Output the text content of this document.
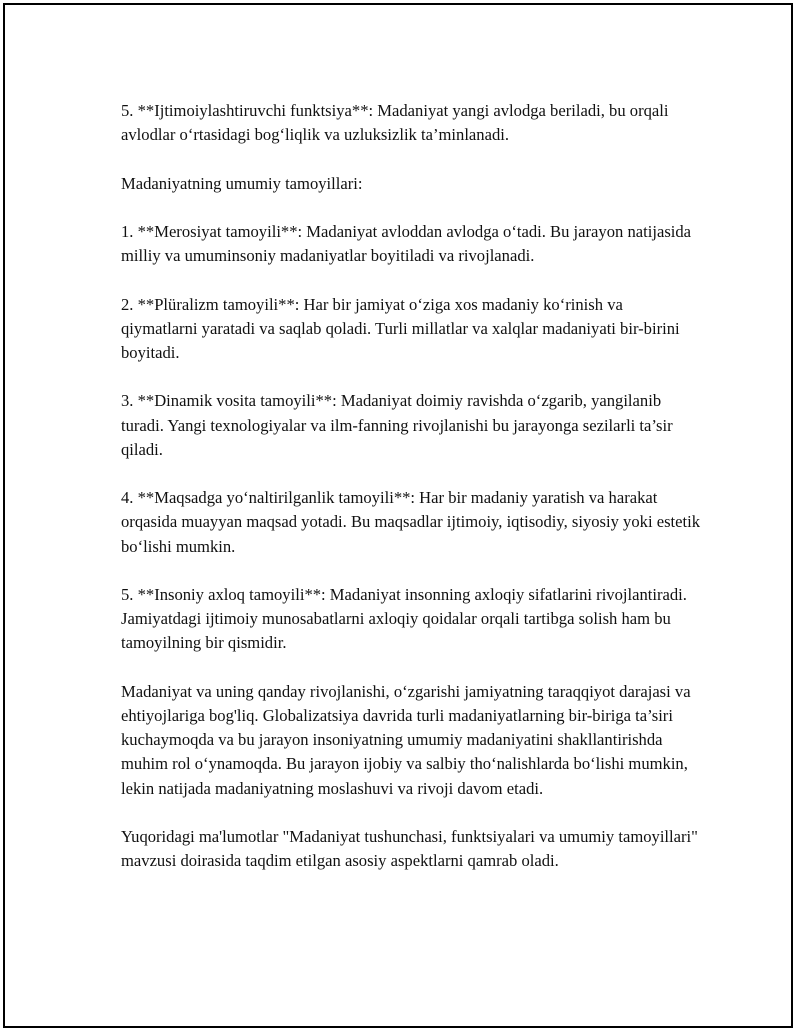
5. **Ijtimoiylashtiruvchi funktsiya**: Madaniyat yangi avlodga beriladi, bu orqali avlodlar o‘rtasidagi bog‘liqlik va uzluksizlik ta’minlanadi.

Madaniyatning umumiy tamoyillari:

1. **Merosiyat tamoyili**: Madaniyat avloddan avlodga o‘tadi. Bu jarayon natijasida milliy va umuminsoniy madaniyatlar boyitiladi va rivojlanadi.

2. **Plüralizm tamoyili**: Har bir jamiyat o‘ziga xos madaniy ko‘rinish va qiymatlarni yaratadi va saqlab qoladi. Turli millatlar va xalqlar madaniyati bir-birini boyitadi.

3. **Dinamik vosita tamoyili**: Madaniyat doimiy ravishda o‘zgarib, yangilanib turadi. Yangi texnologiyalar va ilm-fanning rivojlanishi bu jarayonga sezilarli ta’sir qiladi.

4. **Maqsadga yo‘naltirilganlik tamoyili**: Har bir madaniy yaratish va harakat orqasida muayyan maqsad yotadi. Bu maqsadlar ijtimoiy, iqtisodiy, siyosiy yoki estetik bo‘lishi mumkin.

5. **Insoniy axloq tamoyili**: Madaniyat insonning axloqiy sifatlarini rivojlantiradi. Jamiyatdagi ijtimoiy munosabatlarni axloqiy qoidalar orqali tartibga solish ham bu tamoyilning bir qismidir.

Madaniyat va uning qanday rivojlanishi, o‘zgarishi jamiyatning taraqqiyot darajasi va ehtiyojlariga bog'liq. Globalizatsiya davrida turli madaniyatlarning bir-biriga ta’siri kuchaymoqda va bu jarayon insoniyatning umumiy madaniyatini shakllantirishda muhim rol o‘ynamoqda. Bu jarayon ijobiy va salbiy tho‘nalishlarda bo‘lishi mumkin, lekin natijada madaniyatning moslashuvi va rivoji davom etadi.

Yuqoridagi ma'lumotlar "Madaniyat tushunchasi, funktsiyalari va umumiy tamoyillari" mavzusi doirasida taqdim etilgan asosiy aspektlarni qamrab oladi.
